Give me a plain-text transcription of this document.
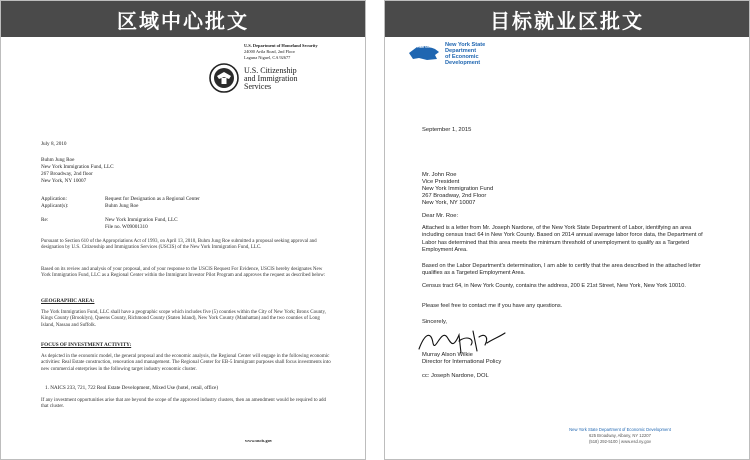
区域中心批文
U.S. Department of Homeland Security
24000 Avila Road, 2nd Floor
Laguna Niguel, CA 92677
U.S. Citizenship
and Immigration
Services
July 8, 2010
Buhm Jung Roe
New York Immigration Fund, LLC
267 Broadway, 2nd floor
New York, NY 10007
Application:	Request for Designation as a Regional Center
Applicant(s):	Buhm Jung Roe
Re:	New York Immigration Fund, LLC
File no. W09001310
Pursuant to Section 610 of the Appropriations Act of 1993, on April 13, 2010, Buhm Jung Roe submitted a proposal seeking approval and designation by U.S. Citizenship and Immigration Services (USCIS) of the New York Immigration Fund, LLC.
Based on its review and analysis of your proposal, and of your response to the USCIS Request For Evidence, USCIS hereby designates New York Immigration Fund, LLC as a Regional Center within the Immigrant Investor Pilot Program and approves the request as described below:
GEOGRAPHIC AREA:
The York Immigration Fund, LLC shall have a geographic scope which includes five (5) counties within the City of New York; Bronx County, Kings County (Brooklyn), Queens County, Richmond County (Staten Island), New York County (Manhattan) and the two counties of Long Island, Nassau and Suffolk.
FOCUS OF INVESTMENT ACTIVITY:
As depicted in the economic model, the general proposal and the economic analysis, the Regional Center will engage in the following economic activities: Real Estate construction, renovation and management. The Regional Center for EB-5 Immigrant purposes shall focus investments into new commercial enterprises in the following target industry economic cluster.
1. NAICS 233, 721, 722 Real Estate Development, Mixed Use (hotel, retail, office)
If any investment opportunities arise that are beyond the scope of the approved industry clusters, then an amendment would be required to add that cluster.
www.uscis.gov
目标就业区批文
NEW YORK STATE OF OPPORTUNITY
New York State
Department
of Economic
Development
September 1, 2015
Mr. John Roe
Vice President
New York Immigration Fund
267 Broadway, 2nd Floor
New York, NY 10007
Dear Mr. Roe:
Attached is a letter from Mr. Joseph Nardone, of the New York State Department of Labor, identifying an area including census tract 64 in New York County. Based on 2014 annual average labor force data, the Department of Labor has determined that this area meets the minimum threshold of unemployment to qualify as a Targeted Employment Area.
Based on the Labor Department's determination, I am able to certify that the area described in the attached letter qualifies as a Targeted Employment Area.
Census tract 64, in New York County, contains the address, 200 E 21st Street, New York, New York 10010.
Please feel free to contact me if you have any questions.
Sincerely,
Murray Alson Wilkie
Director for International Policy
cc: Joseph Nardone, DOL
New York State Department of Economic Development
625 Broadway, Albany, NY 12207
(518) 292-5100 | www.esd.ny.gov
